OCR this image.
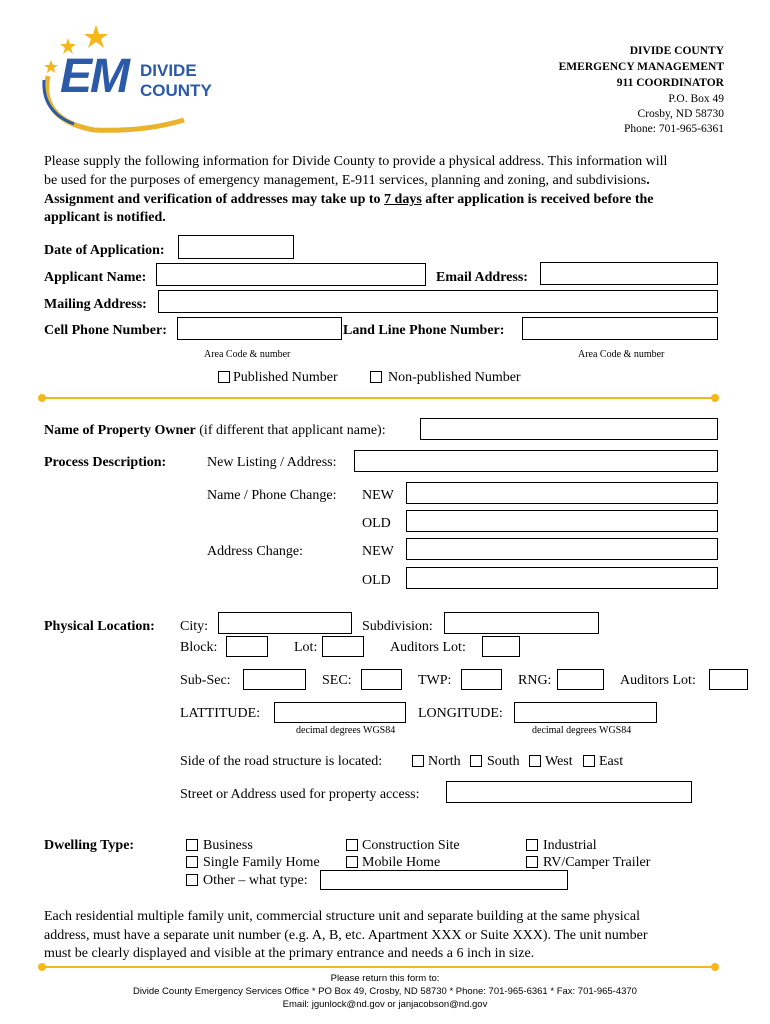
EM DIVIDE
COUNTY
DIVIDE COUNTY
EMERGENCY MANAGEMENT
911 COORDINATOR
P.O. Box 49
Crosby, ND 58730
Phone: 701-965-6361
Please supply the following information for Divide County to provide a physical address. This information will
be used for the purposes of emergency management, E-911 services, planning and zoning, and subdivisions.
Assignment and verification of addresses may take up to 7 days after application is received before the
applicant is notified.
Date of Application:
Applicant Name:	Email Address:
Mailing Address:
Cell Phone Number:	Land Line Phone Number:
Area Code & number	Area Code & number
Published Number	Non-published Number
Name of Property Owner (if different that applicant name):
Process Description:	New Listing / Address:
Name / Phone Change: NEW
OLD
Address Change:	NEW
OLD
Physical Location: City:	Subdivision:
Block:	Lot:	Auditors Lot:
Sub-Sec:	SEC:	TWP:	RNG:	Auditors Lot:
LATTITUDE:	LONGITUDE:
decimal degrees WGS84	decimal degrees WGS84
Side of the road structure is located:	North South West East
Street or Address used for property access:
Dwelling Type:	Business	Construction Site	Industrial
Single Family Home	Mobile Home	RV/Camper Trailer
Other – what type:
Each residential multiple family unit, commercial structure unit and separate building at the same physical
address, must have a separate unit number (e.g. A, B, etc. Apartment XXX or Suite XXX). The unit number
must be clearly displayed and visible at the primary entrance and needs a 6 inch in size.
Please return this form to:
Divide County Emergency Services Office * PO Box 49, Crosby, ND 58730 * Phone: 701-965-6361 * Fax: 701-965-4370
Email: jgunlock@nd.gov or janjacobson@nd.gov
